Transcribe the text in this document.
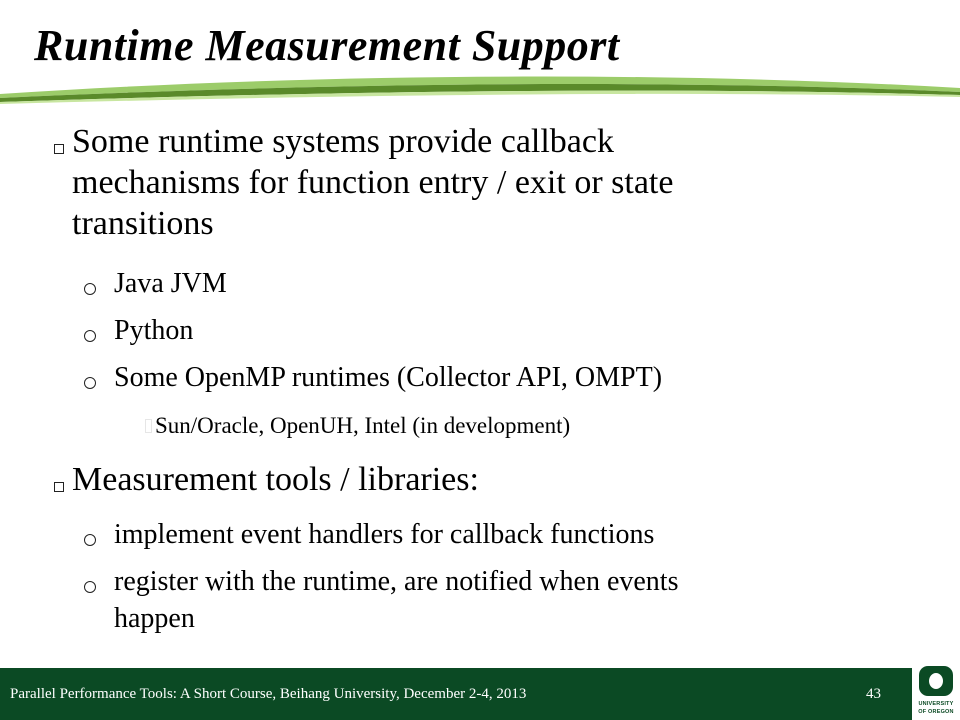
Runtime Measurement Support
Some runtime systems provide callback
mechanisms for function entry / exit or state
transitions
Java JVM
Python
Some OpenMP runtimes (Collector API, OMPT)
Sun/Oracle, OpenUH, Intel (in development)
Measurement tools / libraries:
implement event handlers for callback functions
register with the runtime, are notified when events
happen
Parallel Performance Tools: A Short Course, Beihang University, December 2-4, 2013	43
UNIVERSITY
OF OREGON
